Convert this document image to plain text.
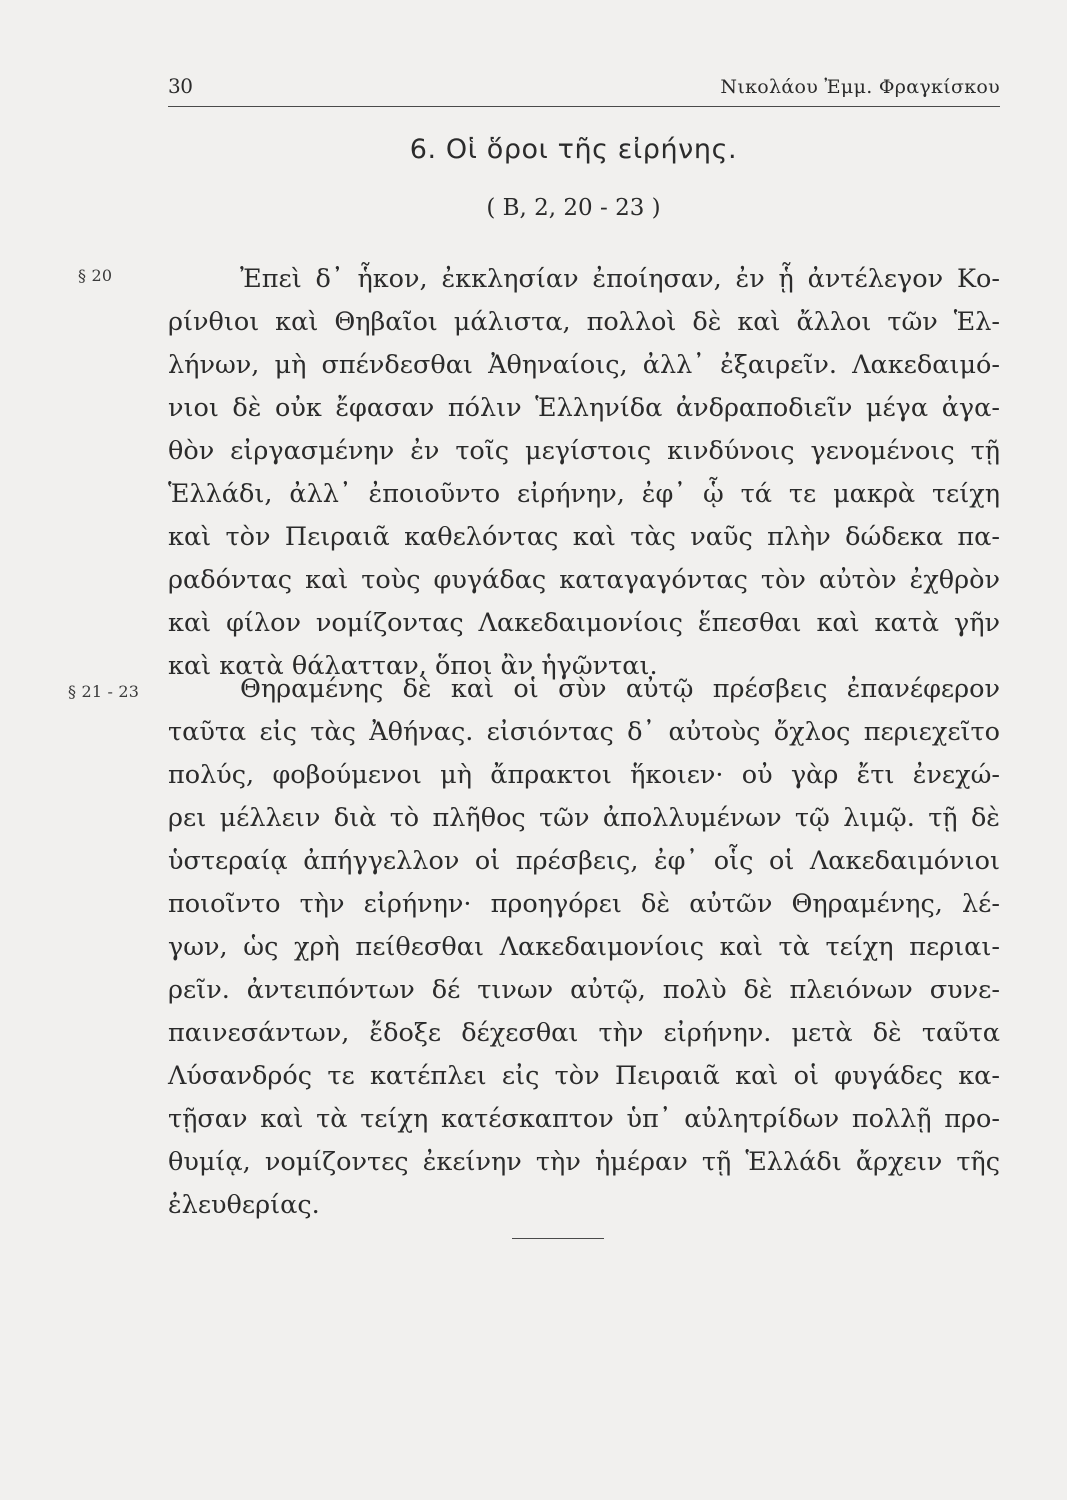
30	Νικολάου Ἐμμ. Φραγκίσκου
6. Οἱ ὅροι τῆς εἰρήνης.
( Β, 2, 20 - 23 )
§ 20	Ἐπεὶ δ᾽ ἧκον, ἐκκλησίαν ἐποίησαν, ἐν ᾗ ἀντέλεγον Κο-
ρίνθιοι καὶ Θηβαῖοι μάλιστα, πολλοὶ δὲ καὶ ἄλλοι τῶν Ἑλ-
λήνων, μὴ σπένδεσθαι Ἀθηναίοις, ἀλλ᾽ ἐξαιρεῖν. Λακεδαιμό-
νιοι δὲ οὐκ ἔφασαν πόλιν Ἑλληνίδα ἀνδραποδιεῖν μέγα ἀγα-
θὸν εἰργασμένην ἐν τοῖς μεγίστοις κινδύνοις γενομένοις τῇ
Ἑλλάδι, ἀλλ᾽ ἐποιοῦντο εἰρήνην, ἐφ᾽ ᾧ τά τε μακρὰ τείχη
καὶ τὸν Πειραιᾶ καθελόντας καὶ τὰς ναῦς πλὴν δώδεκα πα-
ραδόντας καὶ τοὺς φυγάδας καταγαγόντας τὸν αὐτὸν ἐχθρὸν
καὶ φίλον νομίζοντας Λακεδαιμονίοις ἕπεσθαι καὶ κατὰ γῆν
καὶ κατὰ θάλατταν, ὅποι ἂν ἡγῶνται.
§ 21 - 23	Θηραμένης δὲ καὶ οἱ σὺν αὐτῷ πρέσβεις ἐπανέφερον
ταῦτα εἰς τὰς Ἀθήνας. εἰσιόντας δ᾽ αὐτοὺς ὄχλος περιεχεῖτο
πολύς, φοβούμενοι μὴ ἄπρακτοι ἥκοιεν· οὐ γὰρ ἔτι ἐνεχώ-
ρει μέλλειν διὰ τὸ πλῆθος τῶν ἀπολλυμένων τῷ λιμῷ. τῇ δὲ
ὑστεραίᾳ ἀπήγγελλον οἱ πρέσβεις, ἐφ᾽ οἷς οἱ Λακεδαιμόνιοι
ποιοῖντο τὴν εἰρήνην· προηγόρει δὲ αὐτῶν Θηραμένης, λέ-
γων, ὡς χρὴ πείθεσθαι Λακεδαιμονίοις καὶ τὰ τείχη περιαι-
ρεῖν. ἀντειπόντων δέ τινων αὐτῷ, πολὺ δὲ πλειόνων συνε-
παινεσάντων, ἔδοξε δέχεσθαι τὴν εἰρήνην. μετὰ δὲ ταῦτα
Λύσανδρός τε κατέπλει εἰς τὸν Πειραιᾶ καὶ οἱ φυγάδες κα-
τῇσαν καὶ τὰ τείχη κατέσκαπτον ὑπ᾽ αὐλητρίδων πολλῇ προ-
θυμίᾳ, νομίζοντες ἐκείνην τὴν ἡμέραν τῇ Ἑλλάδι ἄρχειν τῆς
ἐλευθερίας.
